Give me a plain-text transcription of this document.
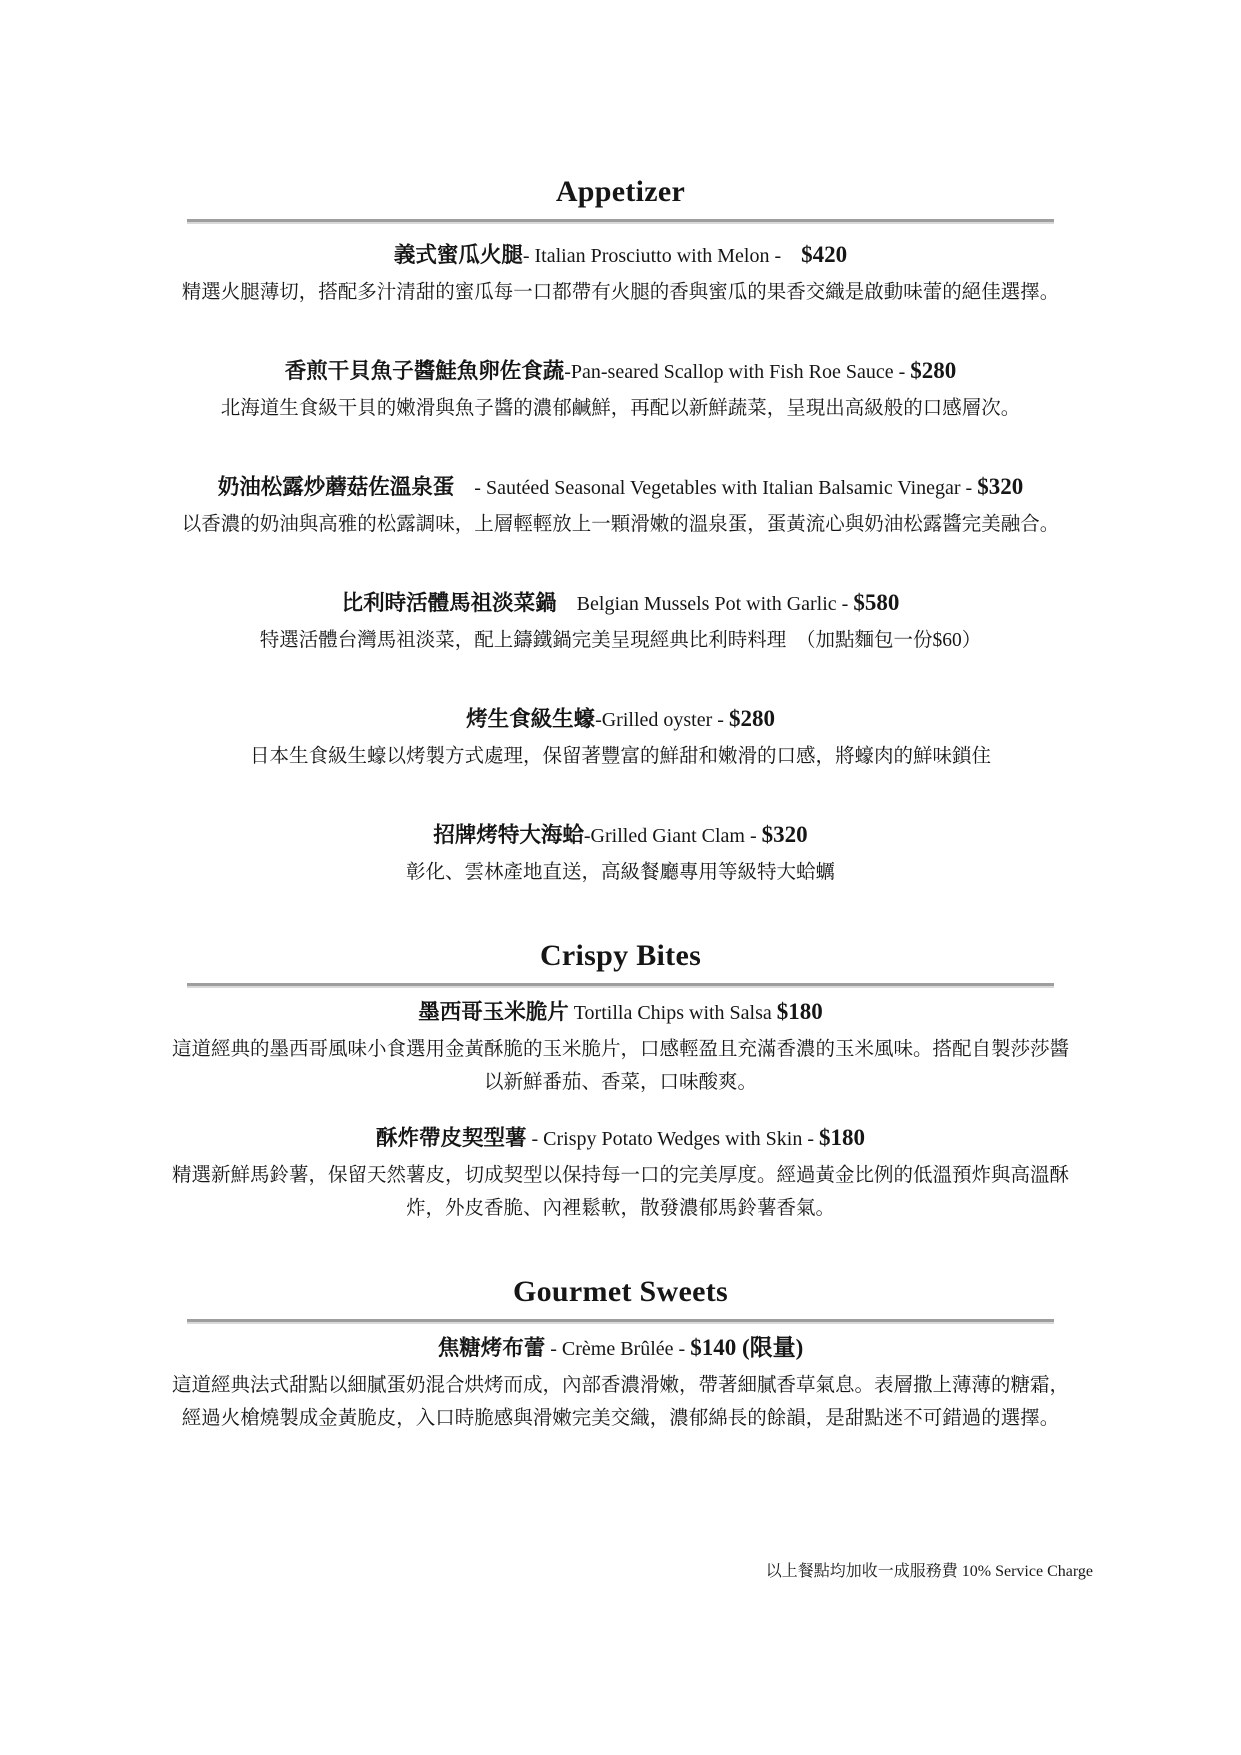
Appetizer
義式蜜瓜火腿- Italian Prosciutto with Melon -　$420
精選火腿薄切，搭配多汁清甜的蜜瓜每一口都帶有火腿的香與蜜瓜的果香交織是啟動味蕾的絕佳選擇。
香煎干貝魚子醬鮭魚卵佐食蔬-Pan-seared Scallop with Fish Roe Sauce - $280
北海道生食級干貝的嫩滑與魚子醬的濃郁鹹鮮，再配以新鮮蔬菜，呈現出高級般的口感層次。
奶油松露炒蘑菇佐溫泉蛋　- Sautéed Seasonal Vegetables with Italian Balsamic Vinegar - $320
以香濃的奶油與高雅的松露調味，上層輕輕放上一顆滑嫩的溫泉蛋，蛋黃流心與奶油松露醬完美融合。
比利時活體馬祖淡菜鍋　Belgian Mussels Pot with Garlic - $580
特選活體台灣馬祖淡菜，配上鑄鐵鍋完美呈現經典比利時料理　（加點麵包一份$60）
烤生食級生蠔-Grilled oyster - $280
日本生食級生蠔以烤製方式處理，保留著豐富的鮮甜和嫩滑的口感，將蠔肉的鮮味鎖住
招牌烤特大海蛤-Grilled Giant Clam - $320
彰化、雲林產地直送，高級餐廳專用等級特大蛤蠣
Crispy Bites
墨西哥玉米脆片 Tortilla Chips with Salsa $180
這道經典的墨西哥風味小食選用金黃酥脆的玉米脆片，口感輕盈且充滿香濃的玉米風味。搭配自製莎莎醬
以新鮮番茄、香菜，口味酸爽。
酥炸帶皮契型薯 - Crispy Potato Wedges with Skin - $180
精選新鮮馬鈴薯，保留天然薯皮，切成契型以保持每一口的完美厚度。經過黃金比例的低溫預炸與高溫酥
炸，外皮香脆、內裡鬆軟，散發濃郁馬鈴薯香氣。
Gourmet Sweets
焦糖烤布蕾 - Crème Brûlée - $140 (限量)
這道經典法式甜點以細膩蛋奶混合烘烤而成，內部香濃滑嫩，帶著細膩香草氣息。表層撒上薄薄的糖霜，
經過火槍燒製成金黃脆皮，入口時脆感與滑嫩完美交織，濃郁綿長的餘韻，是甜點迷不可錯過的選擇。
以上餐點均加收一成服務費 10% Service Charge
